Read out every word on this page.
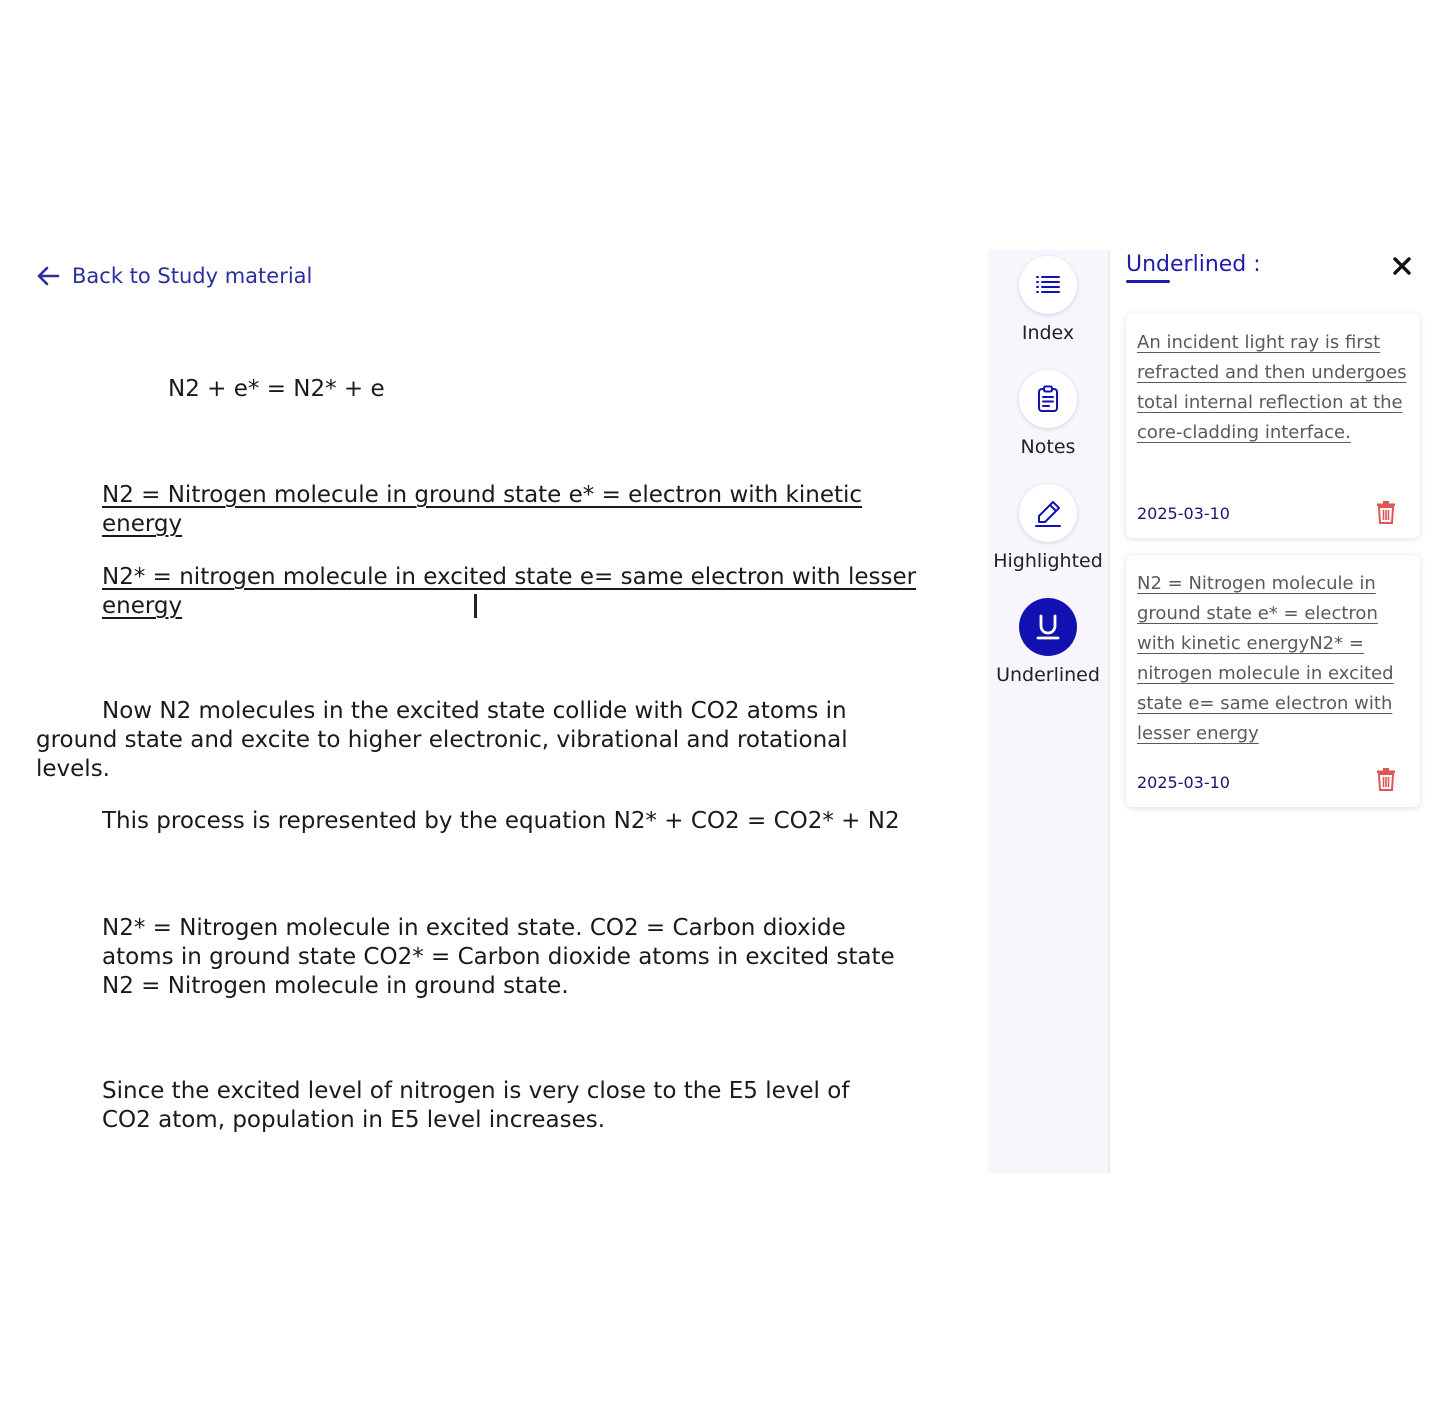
Back to Study material

N2 + e* = N2* + e

N2 = Nitrogen molecule in ground state e* = electron with kinetic energy

N2* = nitrogen molecule in excited state e= same electron with lesser energy

Now N2 molecules in the excited state collide with CO2 atoms in ground state and excite to higher electronic, vibrational and rotational levels.

This process is represented by the equation N2* + CO2 = CO2* + N2

N2* = Nitrogen molecule in excited state. CO2 = Carbon dioxide atoms in ground state CO2* = Carbon dioxide atoms in excited state N2 = Nitrogen molecule in ground state.

Since the excited level of nitrogen is very close to the E5 level of CO2 atom, population in E5 level increases.

Index
Notes
Highlighted
Underlined
Underlined :
An incident light ray is first refracted and then undergoes total internal reflection at the core-cladding interface.
2025-03-10
N2 = Nitrogen molecule in ground state e* = electron with kinetic energyN2* = nitrogen molecule in excited state e= same electron with lesser energy
2025-03-10
